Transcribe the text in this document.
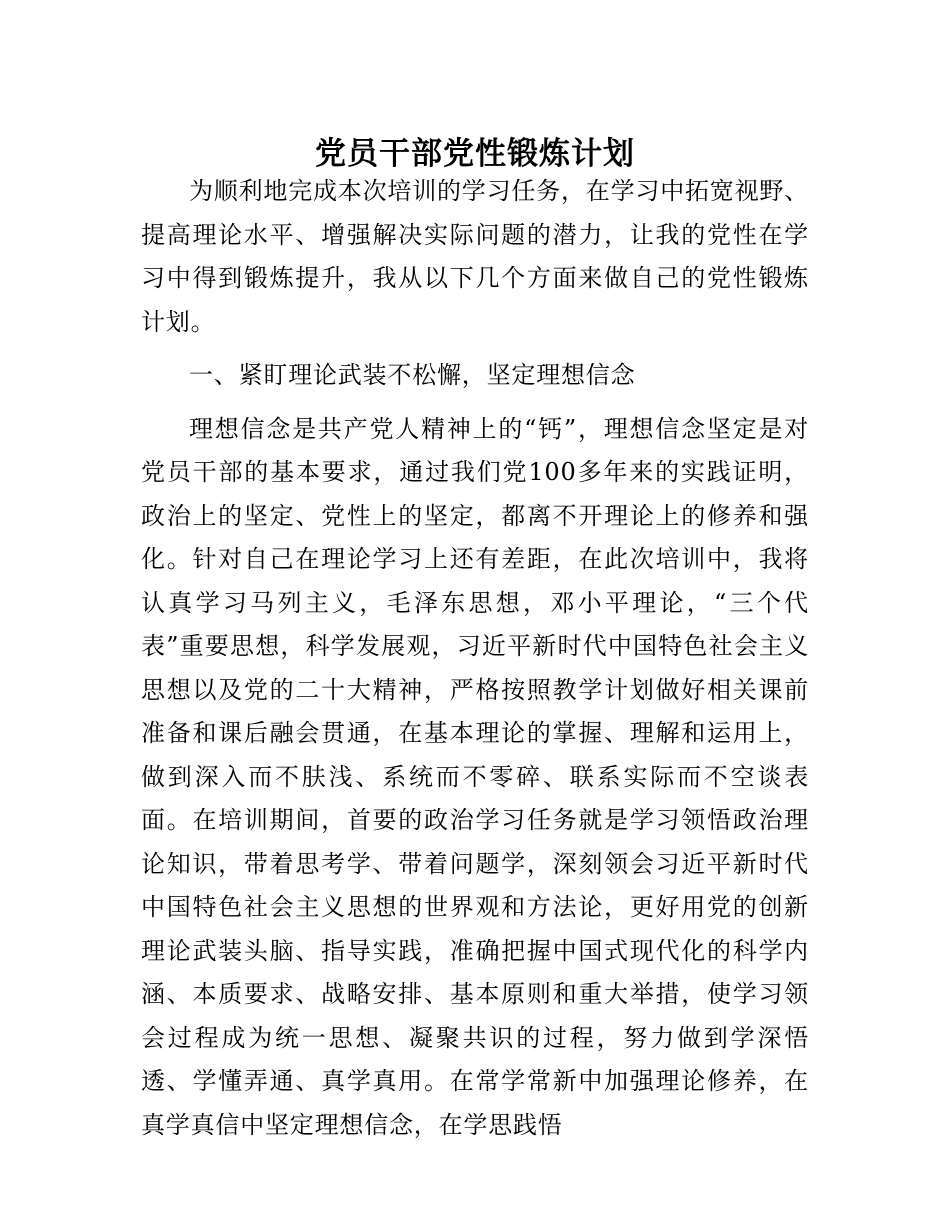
党员干部党性锻炼计划

为顺利地完成本次培训的学习任务，在学习中拓宽视野、提高理论水平、增强解决实际问题的潜力，让我的党性在学习中得到锻炼提升，我从以下几个方面来做自己的党性锻炼计划。

一、紧盯理论武装不松懈，坚定理想信念

理想信念是共产党人精神上的“钙”，理想信念坚定是对党员干部的基本要求，通过我们党100多年来的实践证明，政治上的坚定、党性上的坚定，都离不开理论上的修养和强化。针对自己在理论学习上还有差距，在此次培训中，我将认真学习马列主义，毛泽东思想，邓小平理论，“三个代表”重要思想，科学发展观，习近平新时代中国特色社会主义思想以及党的二十大精神，严格按照教学计划做好相关课前准备和课后融会贯通，在基本理论的掌握、理解和运用上，做到深入而不肤浅、系统而不零碎、联系实际而不空谈表面。在培训期间，首要的政治学习任务就是学习领悟政治理论知识，带着思考学、带着问题学，深刻领会习近平新时代中国特色社会主义思想的世界观和方法论，更好用党的创新理论武装头脑、指导实践，准确把握中国式现代化的科学内涵、本质要求、战略安排、基本原则和重大举措，使学习领会过程成为统一思想、凝聚共识的过程，努力做到学深悟透、学懂弄通、真学真用。在常学常新中加强理论修养，在真学真信中坚定理想信念，在学思践悟
